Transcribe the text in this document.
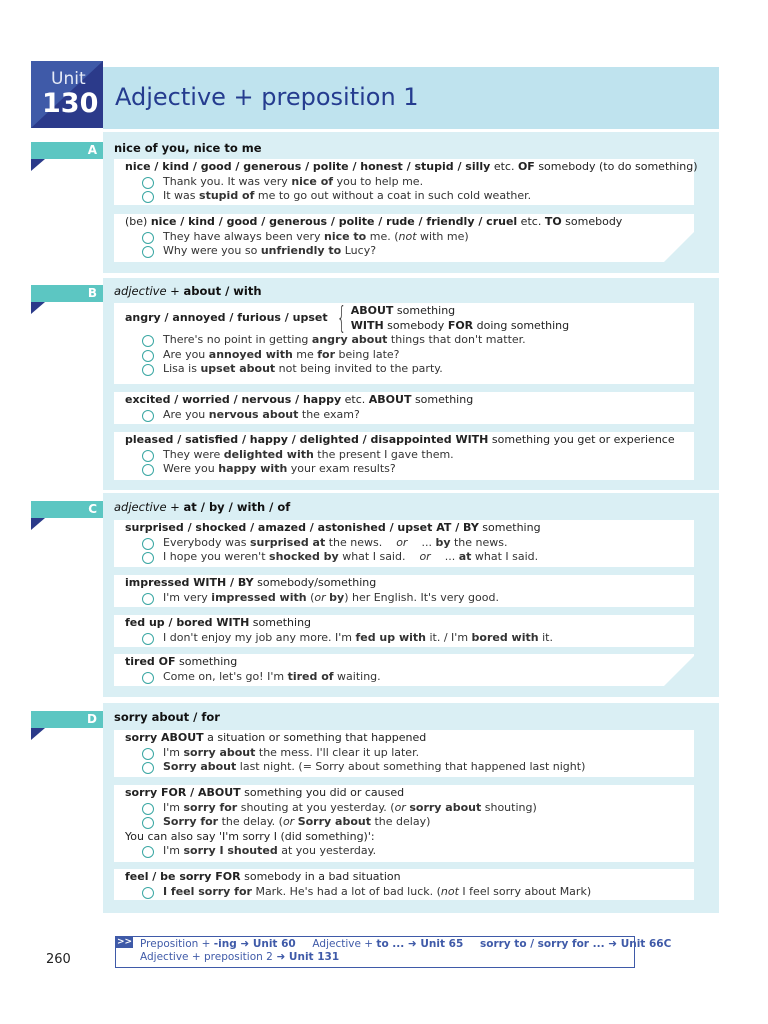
Unit
130 Adjective + preposition 1
A	nice of you, nice to me
nice / kind / good / generous / polite / honest / stupid / silly etc. OF somebody (to do something)
Thank you. It was very nice of you to help me.
It was stupid of me to go out without a coat in such cold weather.
(be) nice / kind / good / generous / polite / rude / friendly / cruel etc. TO somebody
They have always been very nice to me. (not with me)
Why were you so unfriendly to Lucy?
B	adjective + about / with
angry / annoyed / furious / upset { ABOUT something
WITH somebody FOR doing something
There's no point in getting angry about things that don't matter.
Are you annoyed with me for being late?
Lisa is upset about not being invited to the party.
excited / worried / nervous / happy etc. ABOUT something
Are you nervous about the exam?
pleased / satisfied / happy / delighted / disappointed WITH something you get or experience
They were delighted with the present I gave them.
Were you happy with your exam results?
C	adjective + at / by / with / of
surprised / shocked / amazed / astonished / upset AT / BY something
Everybody was surprised at the news.    or    ... by the news.
I hope you weren't shocked by what I said.    or    ... at what I said.
impressed WITH / BY somebody/something
I'm very impressed with (or by) her English. It's very good.
fed up / bored WITH something
I don't enjoy my job any more. I'm fed up with it. / I'm bored with it.
tired OF something
Come on, let's go! I'm tired of waiting.
D	sorry about / for
sorry ABOUT a situation or something that happened
I'm sorry about the mess. I'll clear it up later.
Sorry about last night. (= Sorry about something that happened last night)
sorry FOR / ABOUT something you did or caused
I'm sorry for shouting at you yesterday. (or sorry about shouting)
Sorry for the delay. (or Sorry about the delay)
You can also say 'I'm sorry I (did something)':
I'm sorry I shouted at you yesterday.
feel / be sorry FOR somebody in a bad situation
I feel sorry for Mark. He's had a lot of bad luck. (not I feel sorry about Mark)
>> Preposition + -ing ➜ Unit 60 Adjective + to ... ➜ Unit 65 sorry to / sorry for ... ➜ Unit 66C
Adjective + preposition 2 ➜ Unit 131
260
